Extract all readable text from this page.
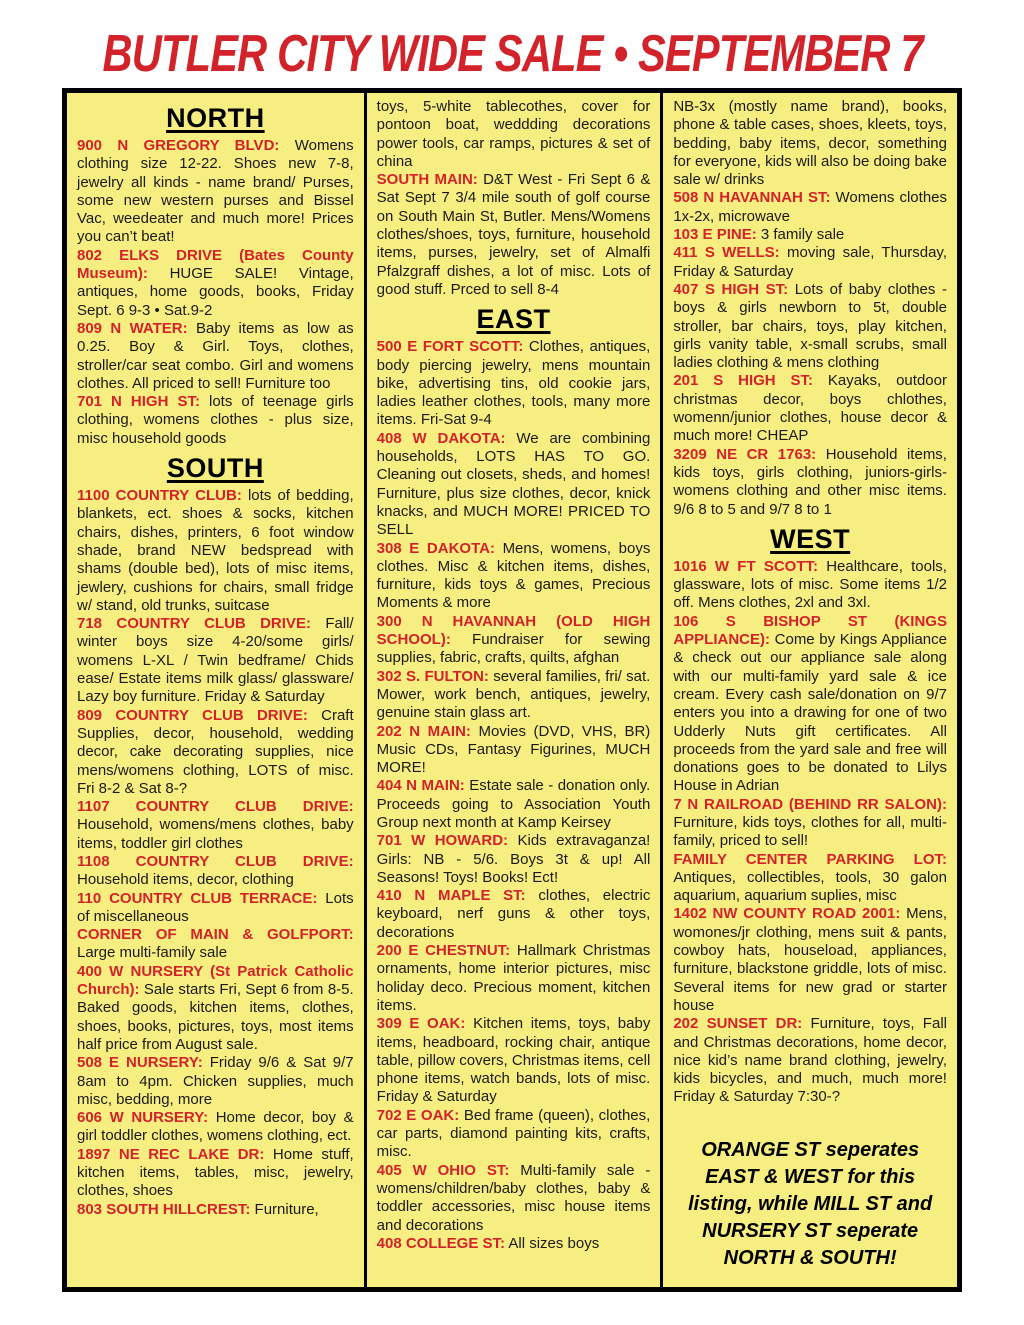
BUTLER CITY WIDE SALE • SEPTEMBER 7
NORTH

900 N GREGORY BLVD: Womens clothing size 12-22. Shoes new 7-8, jewelry all kinds - name brand/ Purses, some new western purses and Bissel Vac, weedeater and much more! Prices you can’t beat!

802 ELKS DRIVE (Bates County Museum): HUGE SALE! Vintage, antiques, home goods, books, Friday Sept. 6 9-3 • Sat.9-2

809 N WATER: Baby items as low as 0.25. Boy & Girl. Toys, clothes, stroller/car seat combo. Girl and womens clothes. All priced to sell! Furniture too

701 N HIGH ST: lots of teenage girls clothing, womens clothes - plus size, misc household goods

SOUTH

1100 COUNTRY CLUB: lots of bedding, blankets, ect. shoes & socks, kitchen chairs, dishes, printers, 6 foot window shade, brand NEW bedspread with shams (double bed), lots of misc items, jewlery, cushions for chairs, small fridge w/ stand, old trunks, suitcase

718 COUNTRY CLUB DRIVE: Fall/ winter boys size 4-20/some girls/ womens L-XL / Twin bedframe/ Chids ease/ Estate items milk glass/ glassware/ Lazy boy furniture. Friday & Saturday

809 COUNTRY CLUB DRIVE: Craft Supplies, decor, household, wedding decor, cake decorating supplies, nice mens/womens clothing, LOTS of misc. Fri 8-2 & Sat 8-?

1107 COUNTRY CLUB DRIVE: Household, womens/mens clothes, baby items, toddler girl clothes

1108 COUNTRY CLUB DRIVE: Household items, decor, clothing

110 COUNTRY CLUB TERRACE: Lots of miscellaneous

CORNER OF MAIN & GOLFPORT: Large multi-family sale

400 W NURSERY (St Patrick Catholic Church): Sale starts Fri, Sept 6 from 8-5. Baked goods, kitchen items, clothes, shoes, books, pictures, toys, most items half price from August sale.

508 E NURSERY: Friday 9/6 & Sat 9/7 8am to 4pm. Chicken supplies, much misc, bedding, more

606 W NURSERY: Home decor, boy & girl toddler clothes, womens clothing, ect.

1897 NE REC LAKE DR: Home stuff, kitchen items, tables, misc, jewelry, clothes, shoes

803 SOUTH HILLCREST: Furniture,

toys, 5-white tablecothes, cover for pontoon boat, weddding decorations power tools, car ramps, pictures & set of china

SOUTH MAIN: D&T West - Fri Sept 6 & Sat Sept 7 3/4 mile south of golf course on South Main St, Butler. Mens/Womens clothes/shoes, toys, furniture, household items, purses, jewelry, set of Almalfi Pfalzgraff dishes, a lot of misc. Lots of good stuff. Prced to sell 8-4

EAST

500 E FORT SCOTT: Clothes, antiques, body piercing jewelry, mens mountain bike, advertising tins, old cookie jars, ladies leather clothes, tools, many more items. Fri-Sat 9-4

408 W DAKOTA: We are combining households, LOTS HAS TO GO. Cleaning out closets, sheds, and homes! Furniture, plus size clothes, decor, knick knacks, and MUCH MORE! PRICED TO SELL

308 E DAKOTA: Mens, womens, boys clothes. Misc & kitchen items, dishes, furniture, kids toys & games, Precious Moments & more

300 N HAVANNAH (OLD HIGH SCHOOL): Fundraiser for sewing supplies, fabric, crafts, quilts, afghan

302 S. FULTON: several families, fri/ sat. Mower, work bench, antiques, jewelry, genuine stain glass art.

202 N MAIN: Movies (DVD, VHS, BR) Music CDs, Fantasy Figurines, MUCH MORE!

404 N MAIN: Estate sale - donation only. Proceeds going to Association Youth Group next month at Kamp Keirsey

701 W HOWARD: Kids extravaganza! Girls: NB - 5/6. Boys 3t & up! All Seasons! Toys! Books! Ect!

410 N MAPLE ST: clothes, electric keyboard, nerf guns & other toys, decorations

200 E CHESTNUT: Hallmark Christmas ornaments, home interior pictures, misc holiday deco. Precious moment, kitchen items.

309 E OAK: Kitchen items, toys, baby items, headboard, rocking chair, antique table, pillow covers, Christmas items, cell phone items, watch bands, lots of misc. Friday & Saturday

702 E OAK: Bed frame (queen), clothes, car parts, diamond painting kits, crafts, misc.

405 W OHIO ST: Multi-family sale - womens/children/baby clothes, baby & toddler accessories, misc house items and decorations

408 COLLEGE ST: All sizes boys

NB-3x (mostly name brand), books, phone & table cases, shoes, kleets, toys, bedding, baby items, decor, something for everyone, kids will also be doing bake sale w/ drinks

508 N HAVANNAH ST: Womens clothes 1x-2x, microwave

103 E PINE: 3 family sale

411 S WELLS: moving sale, Thursday, Friday & Saturday

407 S HIGH ST: Lots of baby clothes - boys & girls newborn to 5t, double stroller, bar chairs, toys, play kitchen, girls vanity table, x-small scrubs, small ladies clothing & mens clothing

201 S HIGH ST: Kayaks, outdoor christmas decor, boys chlothes, womenn/junior clothes, house decor & much more! CHEAP

3209 NE CR 1763: Household items, kids toys, girls clothing, juniors-girls-womens clothing and other misc items. 9/6 8 to 5 and 9/7 8 to 1

WEST

1016 W FT SCOTT: Healthcare, tools, glassware, lots of misc. Some items 1/2 off. Mens clothes, 2xl and 3xl.

106 S BISHOP ST (KINGS APPLIANCE): Come by Kings Appliance & check out our appliance sale along with our multi-family yard sale & ice cream. Every cash sale/donation on 9/7 enters you into a drawing for one of two Udderly Nuts gift certificates. All proceeds from the yard sale and free will donations goes to be donated to Lilys House in Adrian

7 N RAILROAD (BEHIND RR SALON): Furniture, kids toys, clothes for all, multi-family, priced to sell!

FAMILY CENTER PARKING LOT: Antiques, collectibles, tools, 30 galon aquarium, aquarium suplies, misc

1402 NW COUNTY ROAD 2001: Mens, womones/jr clothing, mens suit & pants, cowboy hats, houseload, appliances, furniture, blackstone griddle, lots of misc. Several items for new grad or starter house

202 SUNSET DR: Furniture, toys, Fall and Christmas decorations, home decor, nice kid’s name brand clothing, jewelry, kids bicycles, and much, much more! Friday & Saturday 7:30-?

ORANGE ST seperates EAST & WEST for this listing, while MILL ST and NURSERY ST seperate NORTH & SOUTH!
